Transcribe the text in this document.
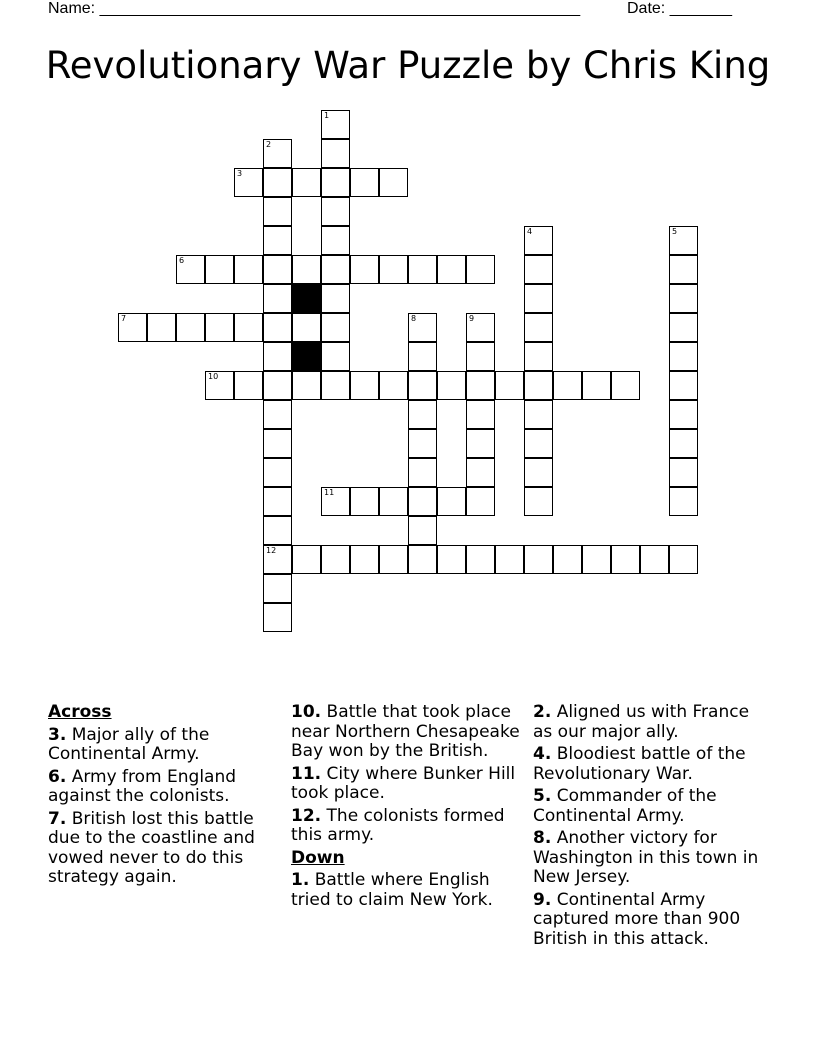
Name: ______________________________________________________	Date: _______
Revolutionary War Puzzle by Chris King
1
2
12
3
4	5
6
7	8	9
10
11
Across
3. Major ally of the Continental Army.
6. Army from England against the colonists.
7. British lost this battle due to the coastline and vowed never to do this strategy again.
10. Battle that took place near Northern Chesapeake Bay won by the British.
11. City where Bunker Hill took place.
12. The colonists formed this army.
Down
1. Battle where English tried to claim New York.
2. Aligned us with France as our major ally.
4. Bloodiest battle of the Revolutionary War.
5. Commander of the Continental Army.
8. Another victory for Washington in this town in New Jersey.
9. Continental Army captured more than 900 British in this attack.
